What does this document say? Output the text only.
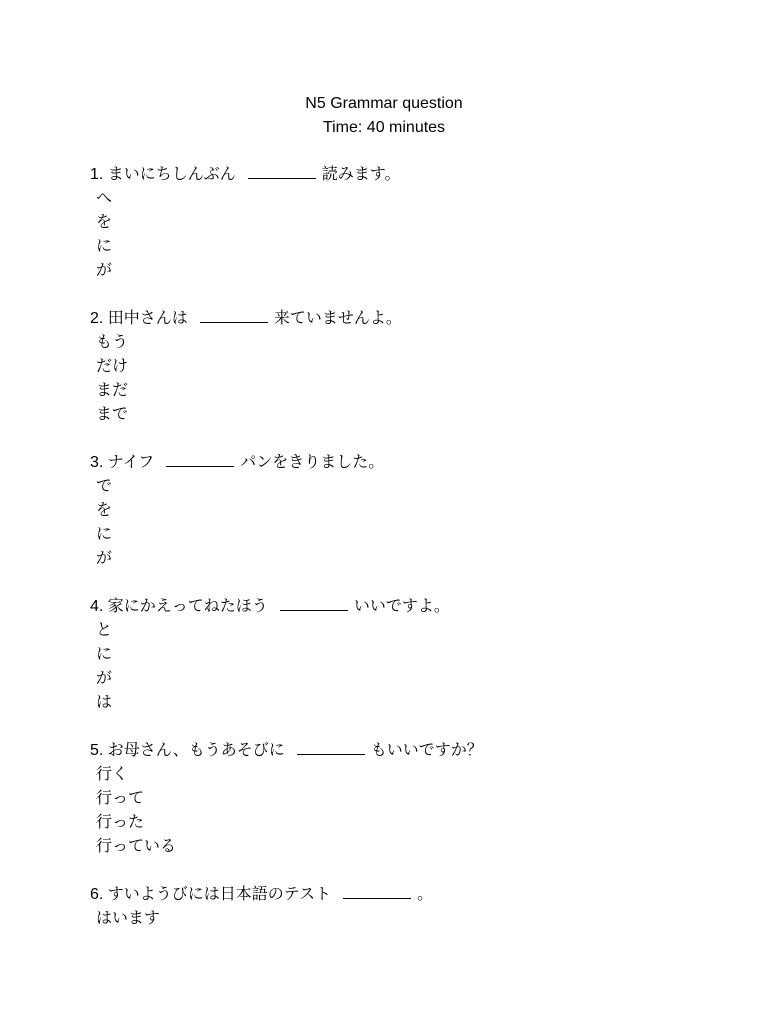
N5 Grammar question
Time: 40 minutes
1. まいにちしんぶん	読みます。
へ
を
に
が
2. 田中さんは	来ていませんよ。
もう
だけ
まだ
まで
3. ナイフ	パンをきりました。
で
を
に
が
4. 家にかえってねたほう	いいですよ。
と
に
が
は
5. お母さん、もうあそびに	もいいですか？
行く
行って
行った
行っている
6. すいようびには日本語のテスト	。
はいます
